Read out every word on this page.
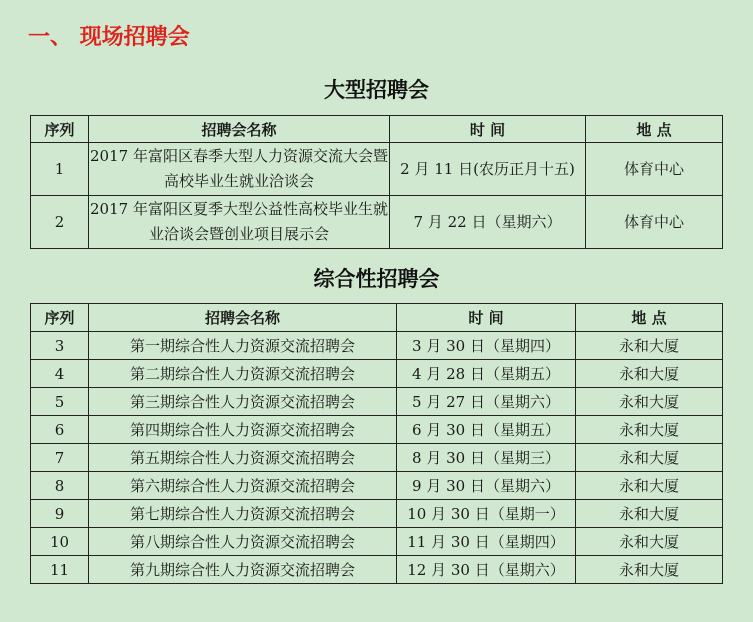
一、 现场招聘会
大型招聘会
序列	招聘会名称	时 间	地 点
1	2017 年富阳区春季大型人力资源交流大会暨高校毕业生就业洽谈会	2 月 11 日(农历正月十五)	体育中心
2	2017 年富阳区夏季大型公益性高校毕业生就业洽谈会暨创业项目展示会	7 月 22 日（星期六）	体育中心
综合性招聘会
序列	招聘会名称	时 间	地 点
3	第一期综合性人力资源交流招聘会	3 月 30 日（星期四）	永和大厦
4	第二期综合性人力资源交流招聘会	4 月 28 日（星期五）	永和大厦
5	第三期综合性人力资源交流招聘会	5 月 27 日（星期六）	永和大厦
6	第四期综合性人力资源交流招聘会	6 月 30 日（星期五）	永和大厦
7	第五期综合性人力资源交流招聘会	8 月 30 日（星期三）	永和大厦
8	第六期综合性人力资源交流招聘会	9 月 30 日（星期六）	永和大厦
9	第七期综合性人力资源交流招聘会	10 月 30 日（星期一）	永和大厦
10	第八期综合性人力资源交流招聘会	11 月 30 日（星期四）	永和大厦
11	第九期综合性人力资源交流招聘会	12 月 30 日（星期六）	永和大厦
